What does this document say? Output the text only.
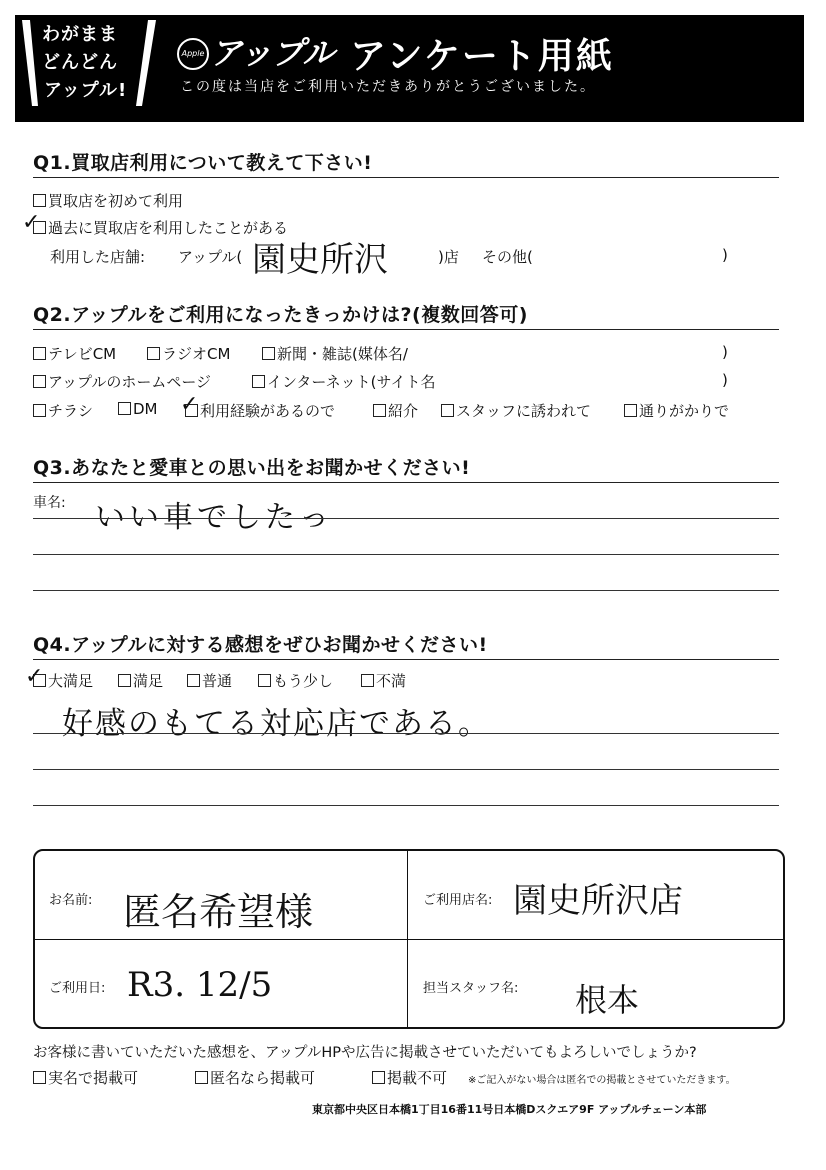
わがまま
どんどん
アップル!
Apple アップル アンケート用紙
この度は当店をご利用いただきありがとうございました。
Q1.買取店利用について教えて下さい!
買取店を初めて利用
過去に買取店を利用したことがある
✓
利用した店舗: アップル( 園史所沢	)店 その他(	)
Q2.アップルをご利用になったきっかけは?(複数回答可)
テレビCM	ラジオCM	新聞・雑誌(媒体名/	)
アップルのホームページ	インターネット(サイト名	)
チラシ	DM	利用経験があるので
✓	紹介	スタッフに誘われて	通りがかりで
Q3.あなたと愛車との思い出をお聞かせください!
車名: いい車でしたっ
Q4.アップルに対する感想をぜひお聞かせください!
大満足
✓	満足	普通	もう少し	不満
好感のもてる対応店である。
お名前: 匿名希望様	ご利用店名: 園史所沢店
ご利用日: R3. 12/5	担当スタッフ名: 根本
お客様に書いていただいた感想を、アップルHPや広告に掲載させていただいてもよろしいでしょうか?
実名で掲載可	匿名なら掲載可	掲載不可 ※ご記入がない場合は匿名での掲載とさせていただきます。
東京都中央区日本橋1丁目16番11号日本橋Dスクエア9F アップルチェーン本部
